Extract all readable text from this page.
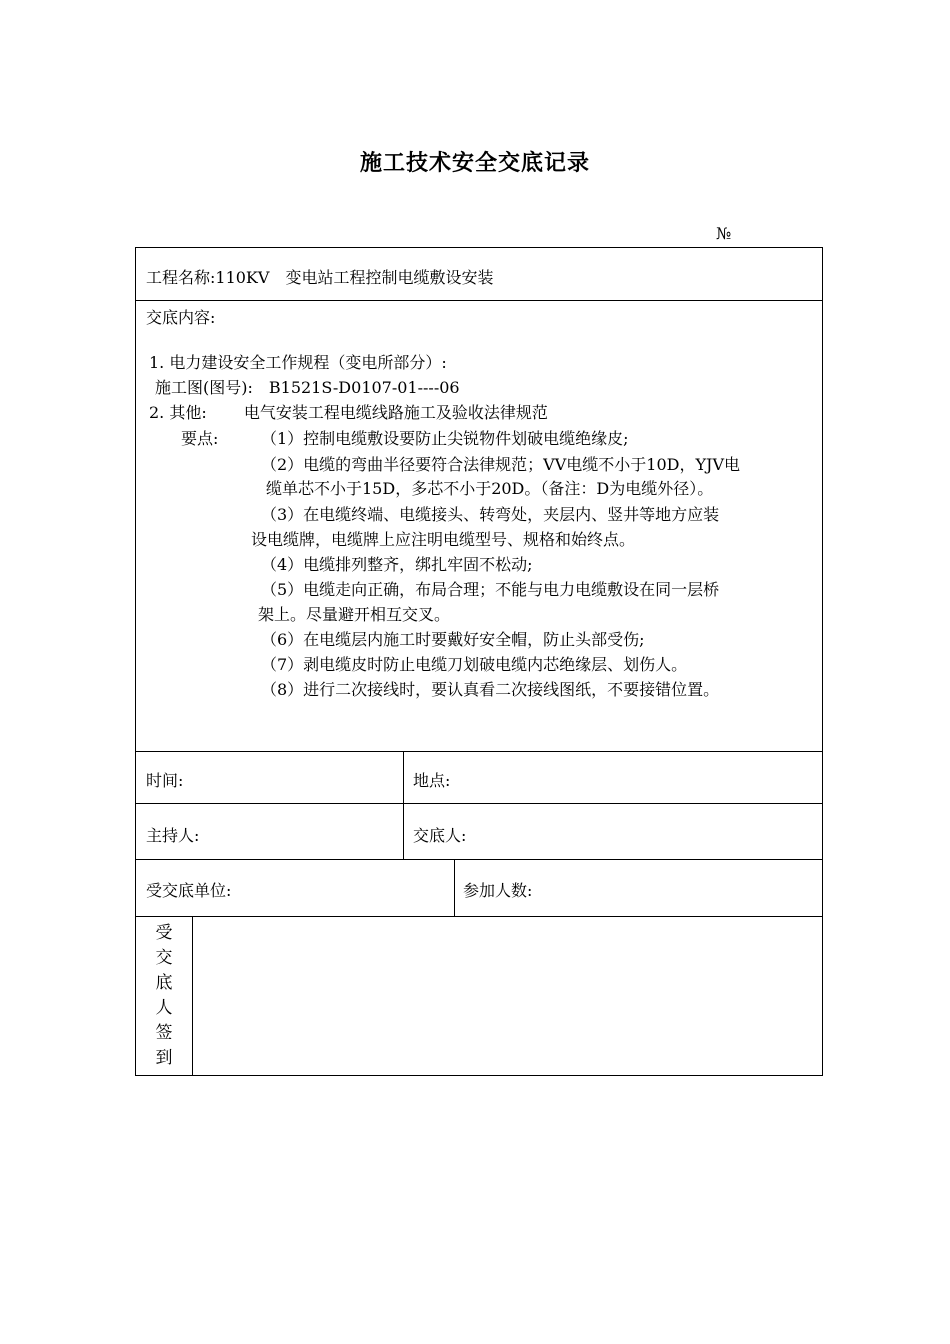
施工技术安全交底记录
№
工程名称:110KV　变电站工程控制电缆敷设安装
交底内容:
1. 电力建设安全工作规程（变电所部分）:
施工图(图号):　B1521S-D0107-01----06
2. 其他:　　 电气安装工程电缆线路施工及验收法律规范
要点:	（1）控制电缆敷设要防止尖锐物件划破电缆绝缘皮;
（2）电缆的弯曲半径要符合法律规范；VV电缆不小于10D，YJV电
缆单芯不小于15D，多芯不小于20D。（备注：D为电缆外径）。
（3）在电缆终端、电缆接头、转弯处，夹层内、竖井等地方应装
设电缆牌，电缆牌上应注明电缆型号、规格和始终点。
（4）电缆排列整齐，绑扎牢固不松动;
（5）电缆走向正确，布局合理；不能与电力电缆敷设在同一层桥
架上。尽量避开相互交叉。
（6）在电缆层内施工时要戴好安全帽，防止头部受伤;
（7）剥电缆皮时防止电缆刀划破电缆内芯绝缘层、划伤人。
（8）进行二次接线时，要认真看二次接线图纸，不要接错位置。
时间:	地点:
主持人:	交底人:
受交底单位:	参加人数:
受
交
底
人
签
到
